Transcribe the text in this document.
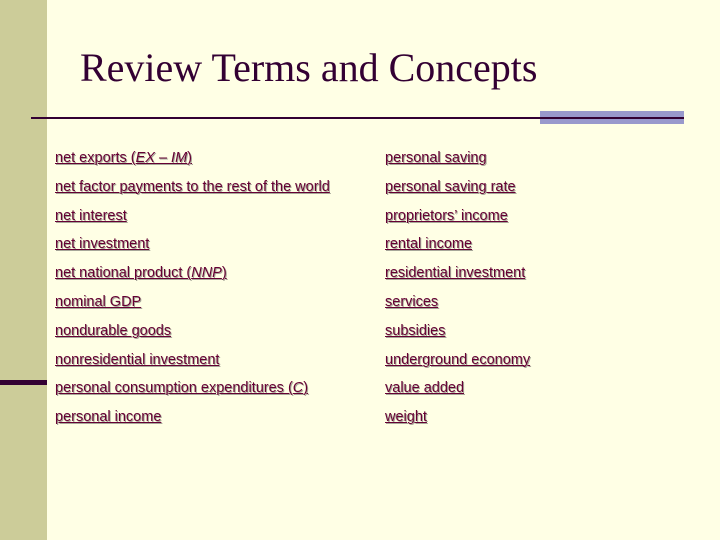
Review Terms and Concepts
net exports (EX – IM)
net factor payments to the rest of the world
net interest
net investment
net national product (NNP)
nominal GDP
nondurable goods
nonresidential investment
personal consumption expenditures (C)
personal income
personal saving
personal saving rate
proprietors’ income
rental income
residential investment
services
subsidies
underground economy
value added
weight
